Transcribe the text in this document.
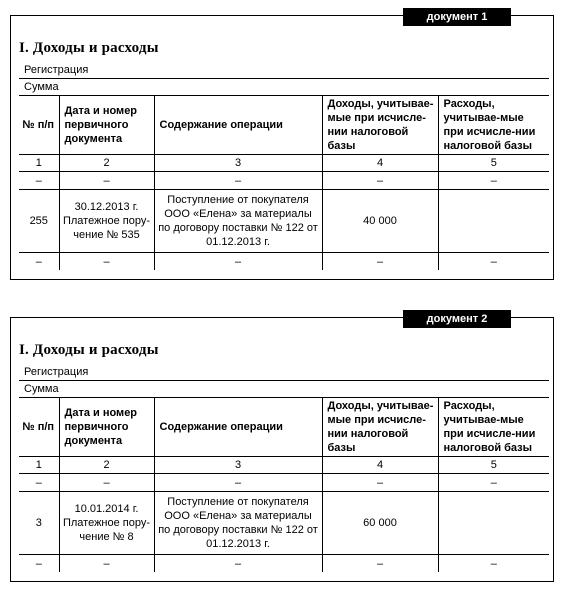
документ 1
I. Доходы и расходы
Регистрация
Сумма
№ п/п	Дата и номер первичного документа	Содержание операции	Доходы, учитывае-мые при исчисле-нии налоговой базы	Расходы, учитывае-мые при исчисле-нии налоговой базы
1	2	3	4	5
–	–	–	–	–
255	30.12.2013 г. Платежное пору-чение № 535	Поступление от покупателя ООО «Елена» за материалы по договору поставки № 122 от 01.12.2013 г.	40 000	
–	–	–	–	–
документ 2
I. Доходы и расходы
Регистрация
Сумма
№ п/п	Дата и номер первичного документа	Содержание операции	Доходы, учитывае-мые при исчисле-нии налоговой базы	Расходы, учитывае-мые при исчисле-нии налоговой базы
1	2	3	4	5
–	–	–	–	–
3	10.01.2014 г. Платежное пору-чение № 8	Поступление от покупателя ООО «Елена» за материалы по договору поставки № 122 от 01.12.2013 г.	60 000	
–	–	–	–	–
